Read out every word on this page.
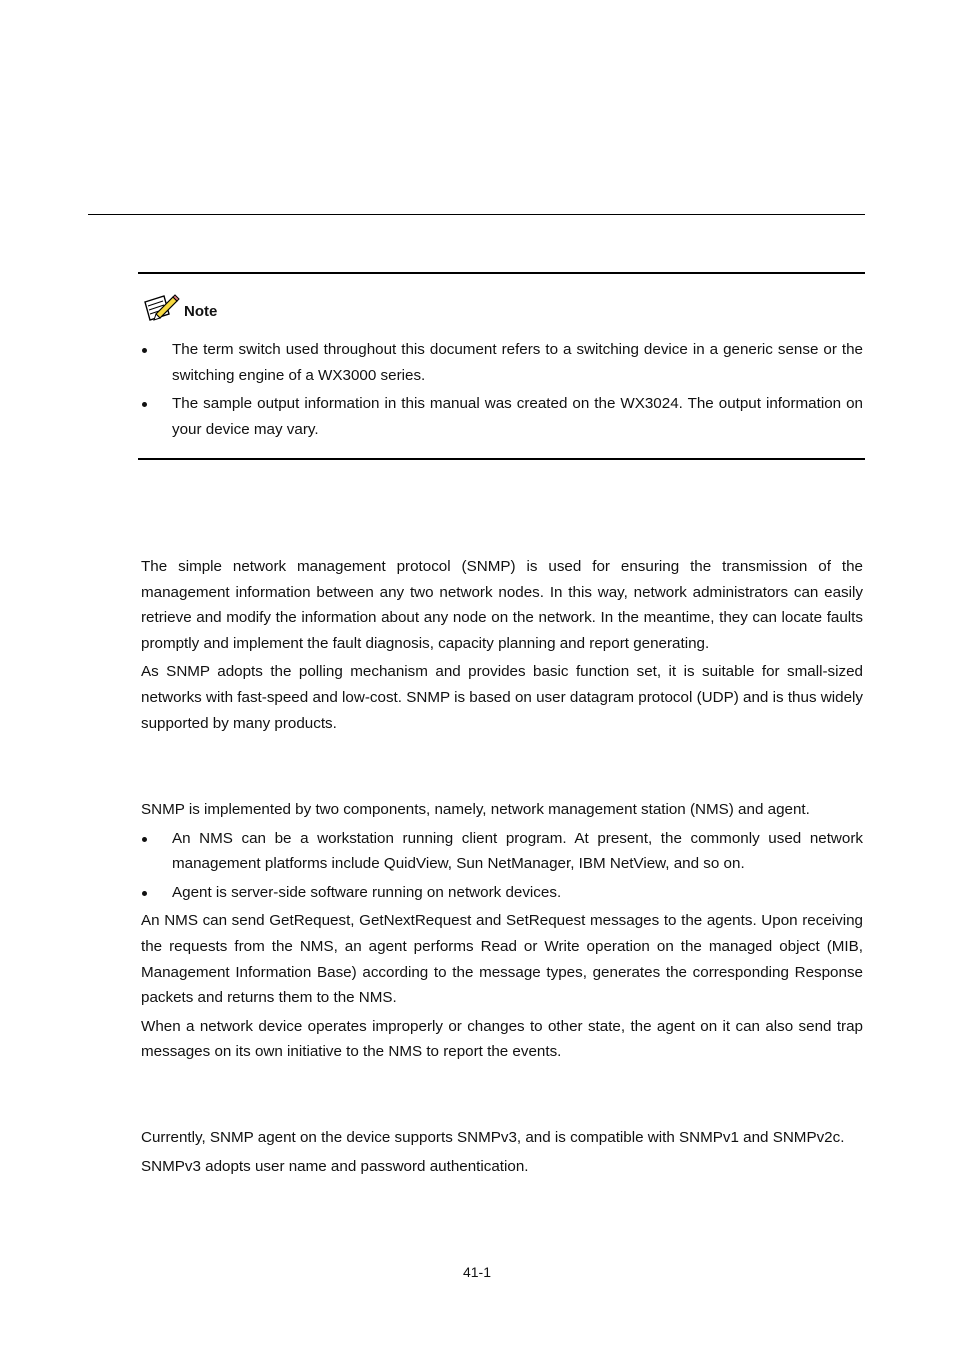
Note
The term switch used throughout this document refers to a switching device in a generic sense or the switching engine of a WX3000 series.
The sample output information in this manual was created on the WX3024. The output information on your device may vary.

The simple network management protocol (SNMP) is used for ensuring the transmission of the management information between any two network nodes. In this way, network administrators can easily retrieve and modify the information about any node on the network. In the meantime, they can locate faults promptly and implement the fault diagnosis, capacity planning and report generating.

As SNMP adopts the polling mechanism and provides basic function set, it is suitable for small-sized networks with fast-speed and low-cost. SNMP is based on user datagram protocol (UDP) and is thus widely supported by many products.

SNMP is implemented by two components, namely, network management station (NMS) and agent.

An NMS can be a workstation running client program. At present, the commonly used network management platforms include QuidView, Sun NetManager, IBM NetView, and so on.
Agent is server-side software running on network devices.

An NMS can send GetRequest, GetNextRequest and SetRequest messages to the agents. Upon receiving the requests from the NMS, an agent performs Read or Write operation on the managed object (MIB, Management Information Base) according to the message types, generates the corresponding Response packets and returns them to the NMS.

When a network device operates improperly or changes to other state, the agent on it can also send trap messages on its own initiative to the NMS to report the events.

Currently, SNMP agent on the device supports SNMPv3, and is compatible with SNMPv1 and SNMPv2c.

SNMPv3 adopts user name and password authentication.

41-1
